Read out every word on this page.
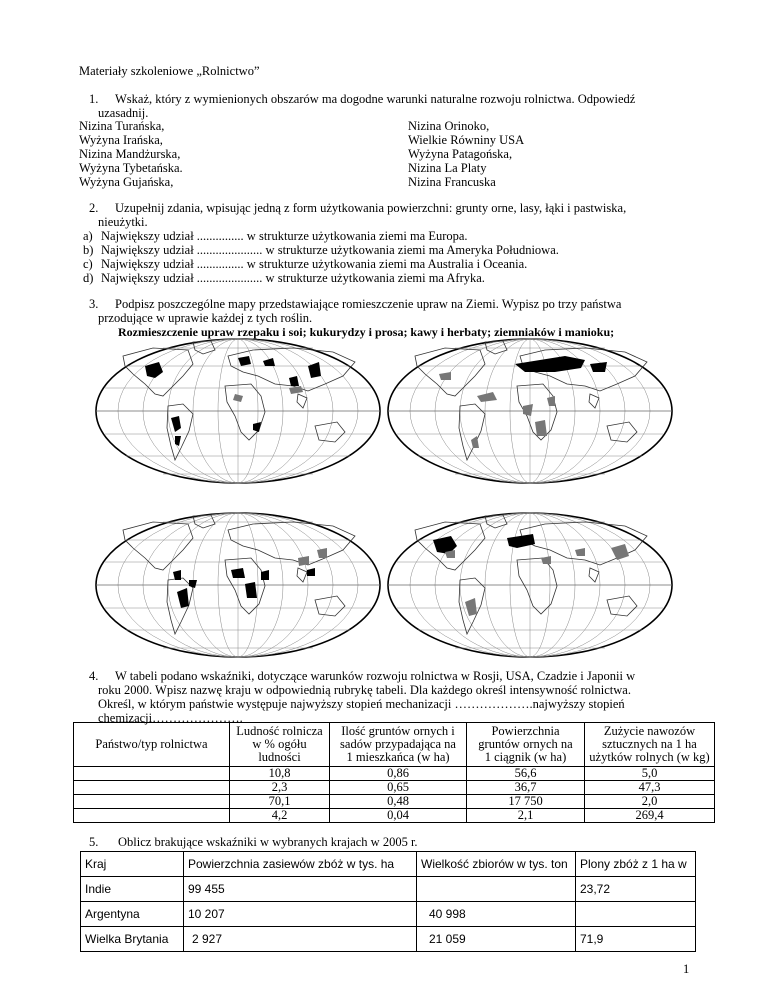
Materiały szkoleniowe „Rolnictwo”
1. Wskaż, który z wymienionych obszarów ma dogodne warunki naturalne rozwoju rolnictwa. Odpowiedź
uzasadnij.
Nizina Turańska,
Wyżyna Irańska,
Nizina Mandżurska,
Wyżyna Tybetańska.
Wyżyna Gujańska,
Nizina Orinoko,
Wielkie Równiny USA
Wyżyna Patagońska,
Nizina La Platy
Nizina Francuska
2. Uzupełnij zdania, wpisując jedną z form użytkowania powierzchni: grunty orne, lasy, łąki i pastwiska,
nieużytki.
a) Największy udział ............... w strukturze użytkowania ziemi ma Europa.
b) Największy udział ..................... w strukturze użytkowania ziemi ma Ameryka Południowa.
c) Największy udział ............... w strukturze użytkowania ziemi ma Australia i Oceania.
d) Największy udział ..................... w strukturze użytkowania ziemi ma Afryka.
3. Podpisz poszczególne mapy przedstawiające romieszczenie upraw na Ziemi. Wypisz po trzy państwa
przodujące w uprawie każdej z tych roślin.
Rozmieszczenie upraw rzepaku i soi; kukurydzy i prosa; kawy i herbaty; ziemniaków i manioku;
4. W tabeli podano wskaźniki, dotyczące warunków rozwoju rolnictwa w Rosji, USA, Czadzie i Japonii w
roku 2000. Wpisz nazwę kraju w odpowiednią rubrykę tabeli. Dla każdego określ intensywność rolnictwa.
Określ, w którym państwie występuje najwyższy stopień mechanizacji ……………….najwyższy stopień
chemizacji………………….
Państwo/typ rolnictwa	Ludność rolnicza
w % ogółu
ludności	Ilość gruntów ornych i
sadów przypadająca na
1 mieszkańca (w ha)	Powierzchnia
gruntów ornych na
1 ciągnik (w ha)	Zużycie nawozów
sztucznych na 1 ha
użytków rolnych (w kg)
	10,8	0,86	56,6	5,0
	2,3	0,65	36,7	47,3
	70,1	0,48	17 750	2,0
	4,2	0,04	2,1	269,4
5. Oblicz brakujące wskaźniki w wybranych krajach w 2005 r.
Kraj	Powierzchnia zasiewów zbóż w tys. ha	Wielkość zbiorów w tys. ton	Plony zbóż z 1 ha w
Indie	99 455		23,72
Argentyna	10 207	40 998	
Wielka Brytania	2 927	21 059	71,9
1
